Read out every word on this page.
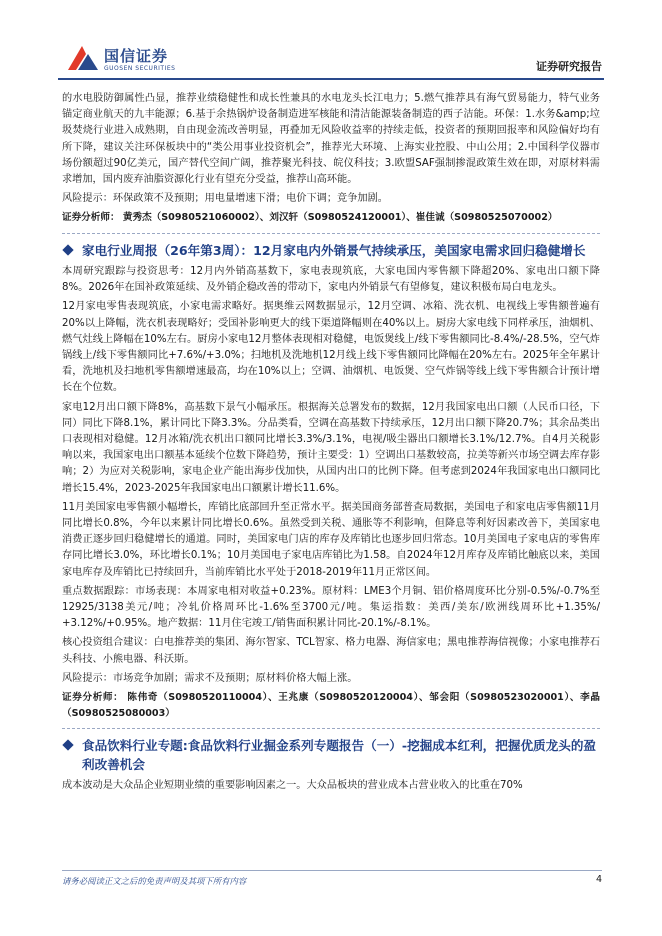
国信证券
GUOSEN SECURITIES	证券研究报告

的水电股防御属性凸显，推荐业绩稳健性和成长性兼具的水电龙头长江电力；5.燃气推荐具有海气贸易能力，特气业务锚定商业航天的九丰能源；6.基于余热锅炉设备制造进军核能和清洁能源装备制造的西子洁能。环保：1.水务&amp;垃圾焚烧行业进入成熟期，自由现金流改善明显，再叠加无风险收益率的持续走低，投资者的预期回报率和风险偏好均有所下降，建议关注环保板块中的“类公用事业投资机会”，推荐光大环境、上海实业控股、中山公用；2.中国科学仪器市场份额超过90亿美元，国产替代空间广阔，推荐聚光科技、皖仪科技；3.欧盟SAF强制掺混政策生效在即，对原材料需求增加，国内废弃油脂资源化行业有望充分受益，推荐山高环能。

风险提示：环保政策不及预期；用电量增速下滑；电价下调；竞争加剧。

证券分析师： 黄秀杰（S0980521060002）、刘汉轩（S0980524120001）、崔佳诚（S0980525070002）

家电行业周报（26年第3周）：12月家电内外销景气持续承压，美国家电需求回归稳健增长

本周研究跟踪与投资思考：12月内外销高基数下，家电表现筑底，大家电国内零售额下降超20%、家电出口额下降8%。2026年在国补政策延续、及外销企稳改善的带动下，家电内外销景气有望修复，建议积极布局白电龙头。

12月家电零售表现筑底，小家电需求略好。据奥维云网数据显示，12月空调、冰箱、洗衣机、电视线上零售额普遍有20%以上降幅，洗衣机表现略好；受国补影响更大的线下渠道降幅则在40%以上。厨房大家电线下同样承压，油烟机、燃气灶线上降幅在10%左右。厨房小家电12月整体表现相对稳健，电饭煲线上/线下零售额同比-8.4%/-28.5%，空气炸锅线上/线下零售额同比+7.6%/+3.0%；扫地机及洗地机12月线上线下零售额同比降幅在20%左右。2025年全年累计看，洗地机及扫地机零售额增速最高，均在10%以上；空调、油烟机、电饭煲、空气炸锅等线上线下零售额合计预计增长在个位数。

家电12月出口额下降8%，高基数下景气小幅承压。根据海关总署发布的数据，12月我国家电出口额（人民币口径，下同）同比下降8.1%，累计同比下降3.3%。分品类看，空调在高基数下持续承压，12月出口额下降20.7%；其余品类出口表现相对稳健。12月冰箱/洗衣机出口额同比增长3.3%/3.1%，电视/吸尘器出口额增长3.1%/12.7%。自4月关税影响以来，我国家电出口额基本延续个位数下降趋势，预计主要受：1）空调出口基数较高，拉美等新兴市场空调去库存影响；2）为应对关税影响，家电企业产能出海步伐加快，从国内出口的比例下降。但考虑到2024年我国家电出口额同比增长15.4%，2023-2025年我国家电出口额累计增长11.6%。

11月美国家电零售额小幅增长，库销比底部回升至正常水平。据美国商务部普查局数据，美国电子和家电店零售额11月同比增长0.8%，今年以来累计同比增长0.6%。虽然受到关税、通胀等不利影响，但降息等利好因素改善下，美国家电消费正逐步回归稳健增长的通道。同时，美国家电门店的库存及库销比也逐步回归常态。10月美国电子家电店的零售库存同比增长3.0%，环比增长0.1%；10月美国电子家电店库销比为1.58。自2024年12月库存及库销比触底以来，美国家电库存及库销比已持续回升，当前库销比水平处于2018-2019年11月正常区间。

重点数据跟踪：市场表现：本周家电相对收益+0.23%。原材料：LME3个月铜、铝价格周度环比分别-0.5%/-0.7%至12925/3138美元/吨；冷轧价格周环比-1.6%至3700元/吨。集运指数：美西/美东/欧洲线周环比+1.35%/ +3.12%/+0.95%。地产数据：11月住宅竣工/销售面积累计同比-20.1%/-8.1%。

核心投资组合建议：白电推荐美的集团、海尔智家、TCL智家、格力电器、海信家电；黑电推荐海信视像；小家电推荐石头科技、小熊电器、科沃斯。

风险提示：市场竞争加剧；需求不及预期；原材料价格大幅上涨。

证券分析师： 陈伟奇（S0980520110004）、王兆康（S0980520120004）、邹会阳（S0980523020001）、李晶（S0980525080003）

食品饮料行业专题:食品饮料行业掘金系列专题报告（一）-挖掘成本红利，把握优质龙头的盈利改善机会

成本波动是大众品企业短期业绩的重要影响因素之一。大众品板块的营业成本占营业收入的比重在70%

请务必阅读正文之后的免责声明及其项下所有内容	4
